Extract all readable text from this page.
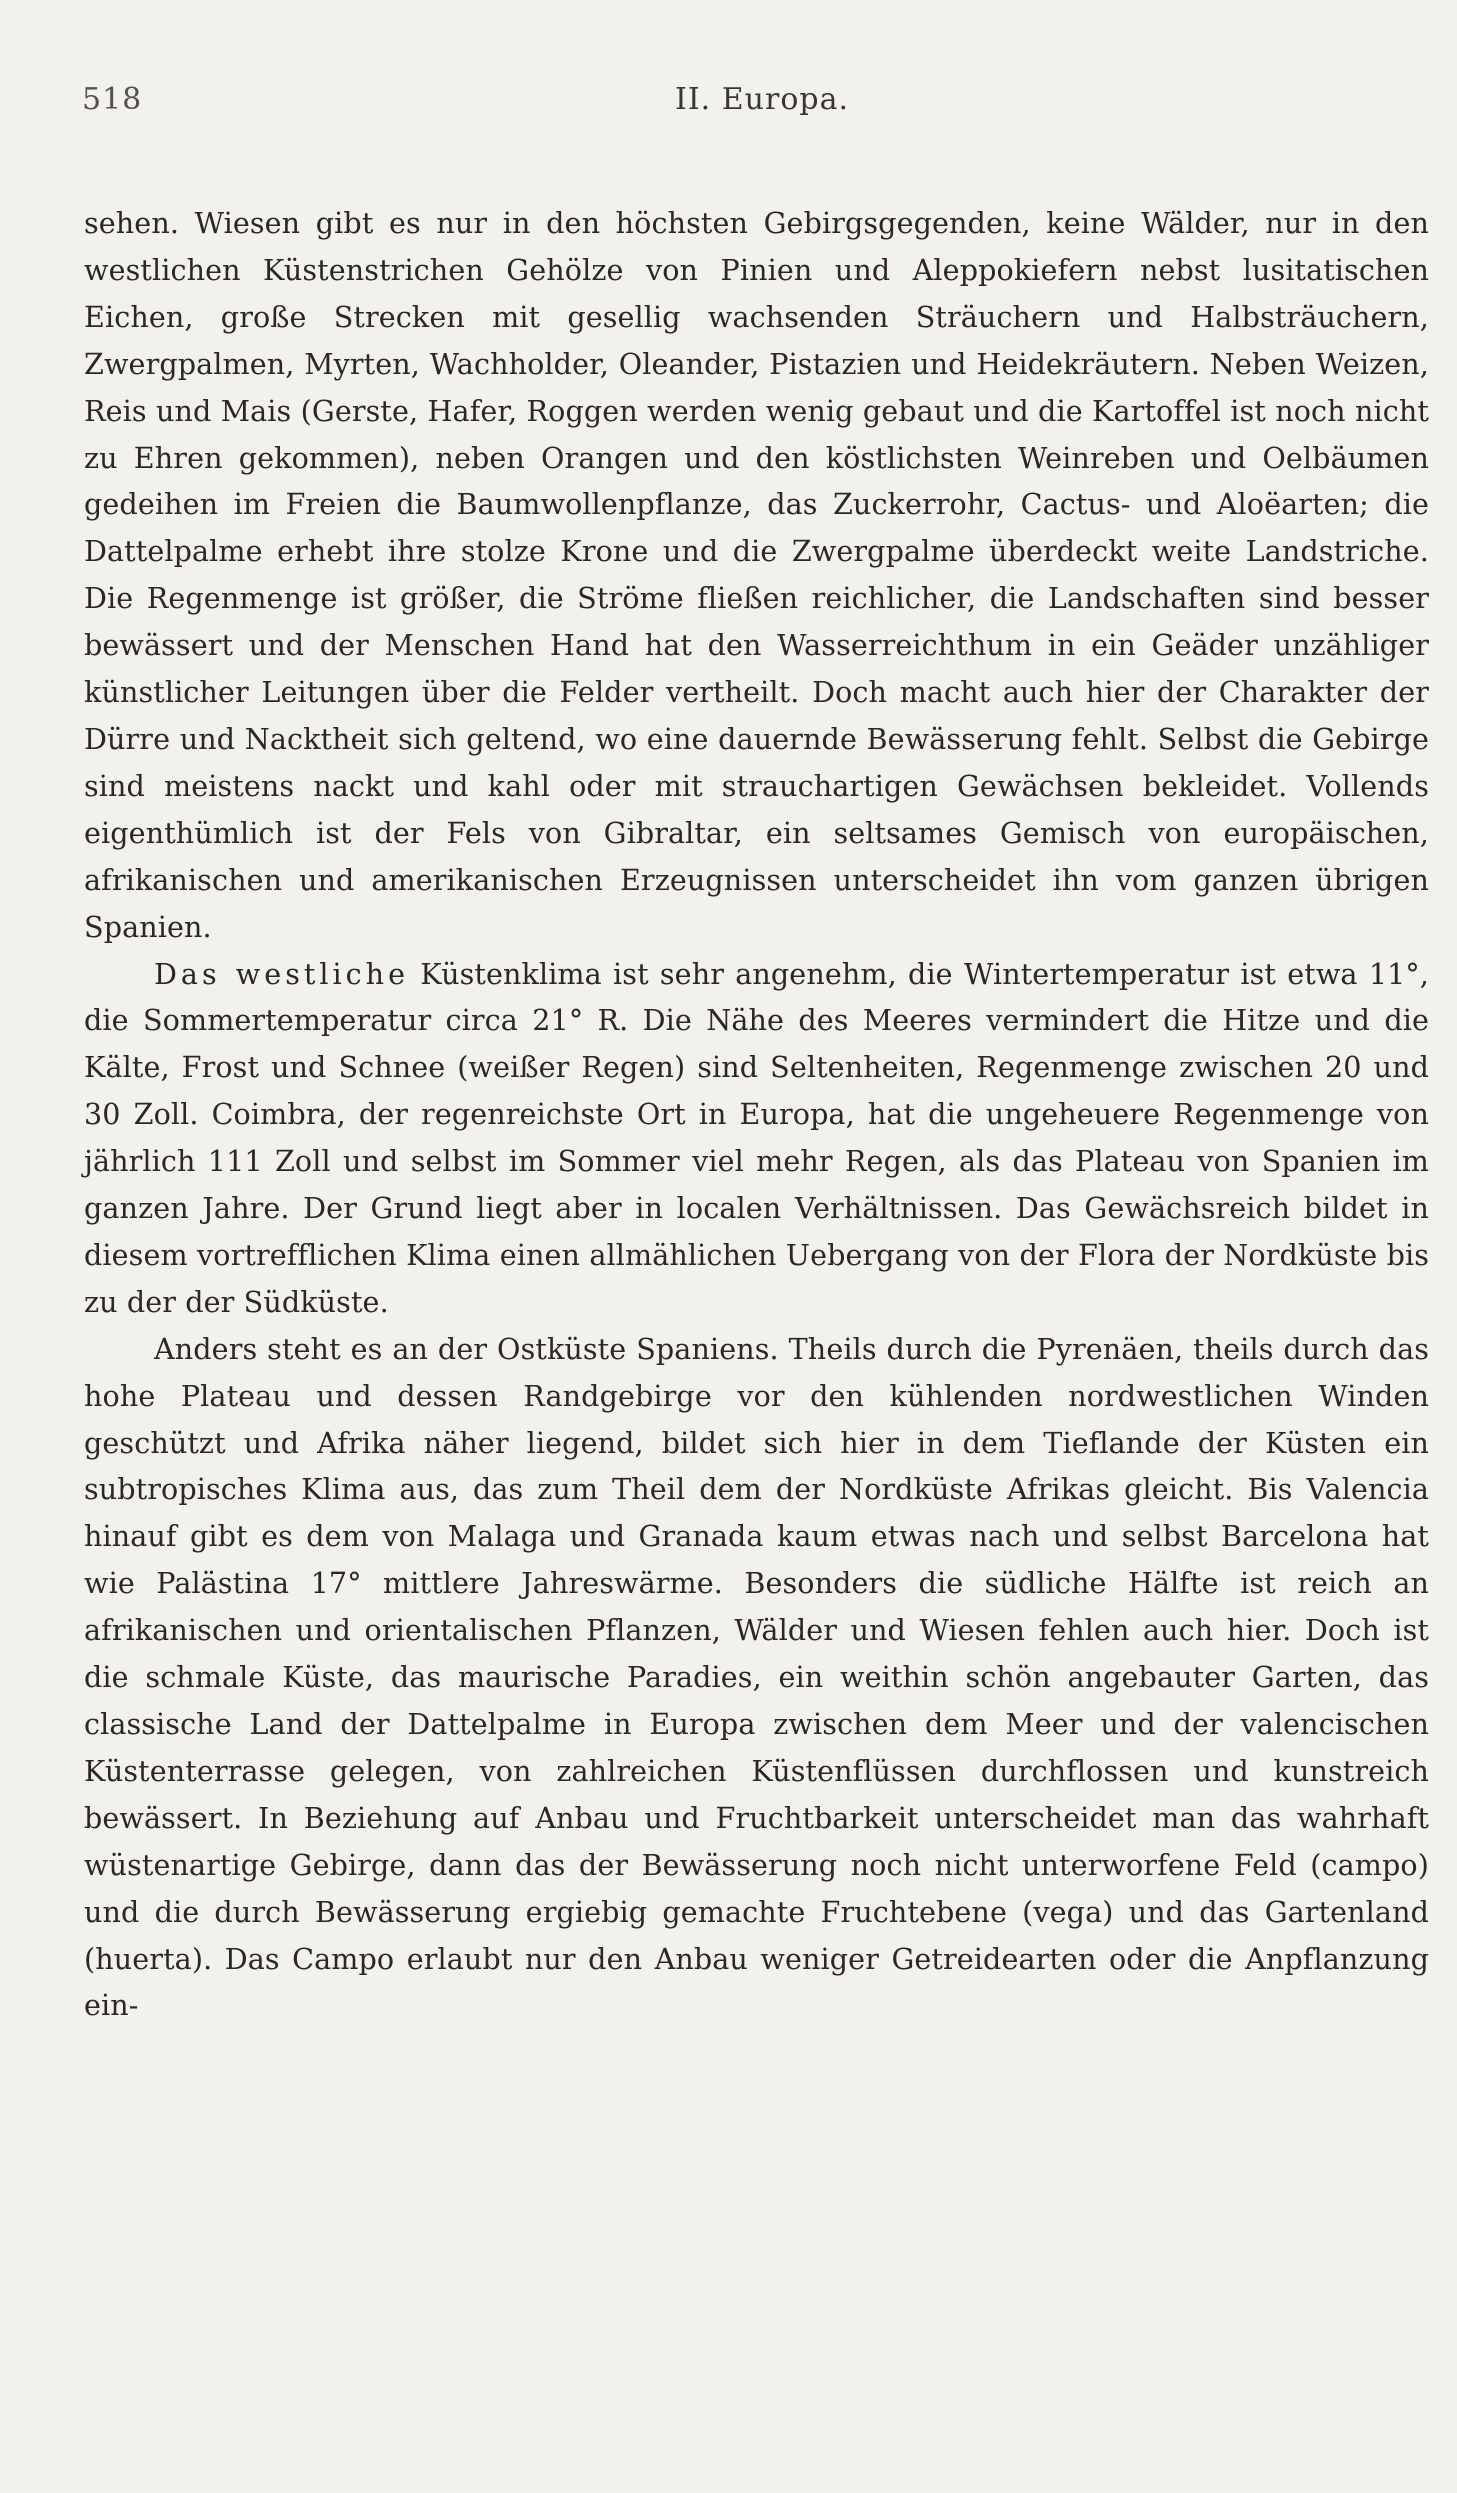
518	II. Europa.

sehen. Wiesen gibt es nur in den höchsten Gebirgsgegenden, keine Wälder, nur in den westlichen Küstenstrichen Gehölze von Pinien und Aleppokiefern nebst lusitatischen Eichen, große Strecken mit gesellig wachsenden Sträuchern und Halbsträuchern, Zwergpalmen, Myrten, Wachholder, Oleander, Pistazien und Heidekräutern. Neben Weizen, Reis und Mais (Gerste, Hafer, Roggen werden wenig gebaut und die Kartoffel ist noch nicht zu Ehren gekommen), neben Orangen und den köstlichsten Weinreben und Oelbäumen gedeihen im Freien die Baumwollenpflanze, das Zuckerrohr, Cactus- und Aloëarten; die Dattelpalme erhebt ihre stolze Krone und die Zwergpalme überdeckt weite Landstriche. Die Regenmenge ist größer, die Ströme fließen reichlicher, die Landschaften sind besser bewässert und der Menschen Hand hat den Wasserreichthum in ein Geäder unzähliger künstlicher Leitungen über die Felder vertheilt. Doch macht auch hier der Charakter der Dürre und Nacktheit sich geltend, wo eine dauernde Bewässerung fehlt. Selbst die Gebirge sind meistens nackt und kahl oder mit strauchartigen Gewächsen bekleidet. Vollends eigenthümlich ist der Fels von Gibraltar, ein seltsames Gemisch von europäischen, afrikanischen und amerikanischen Erzeugnissen unterscheidet ihn vom ganzen übrigen Spanien.

Das westliche Küstenklima ist sehr angenehm, die Wintertemperatur ist etwa 11°, die Sommertemperatur circa 21° R. Die Nähe des Meeres vermindert die Hitze und die Kälte, Frost und Schnee (weißer Regen) sind Seltenheiten, Regenmenge zwischen 20 und 30 Zoll. Coimbra, der regenreichste Ort in Europa, hat die ungeheuere Regenmenge von jährlich 111 Zoll und selbst im Sommer viel mehr Regen, als das Plateau von Spanien im ganzen Jahre. Der Grund liegt aber in localen Verhältnissen. Das Gewächsreich bildet in diesem vortrefflichen Klima einen allmählichen Uebergang von der Flora der Nordküste bis zu der der Südküste.

Anders steht es an der Ostküste Spaniens. Theils durch die Pyrenäen, theils durch das hohe Plateau und dessen Randgebirge vor den kühlenden nordwestlichen Winden geschützt und Afrika näher liegend, bildet sich hier in dem Tieflande der Küsten ein subtropisches Klima aus, das zum Theil dem der Nordküste Afrikas gleicht. Bis Valencia hinauf gibt es dem von Malaga und Granada kaum etwas nach und selbst Barcelona hat wie Palästina 17° mittlere Jahreswärme. Besonders die südliche Hälfte ist reich an afrikanischen und orientalischen Pflanzen, Wälder und Wiesen fehlen auch hier. Doch ist die schmale Küste, das maurische Paradies, ein weithin schön angebauter Garten, das classische Land der Dattelpalme in Europa zwischen dem Meer und der valencischen Küstenterrasse gelegen, von zahlreichen Küstenflüssen durchflossen und kunstreich bewässert. In Beziehung auf Anbau und Fruchtbarkeit unterscheidet man das wahrhaft wüstenartige Gebirge, dann das der Bewässerung noch nicht unterworfene Feld (campo) und die durch Bewässerung ergiebig gemachte Fruchtebene (vega) und das Gartenland (huerta). Das Campo erlaubt nur den Anbau weniger Getreidearten oder die Anpflanzung ein-
